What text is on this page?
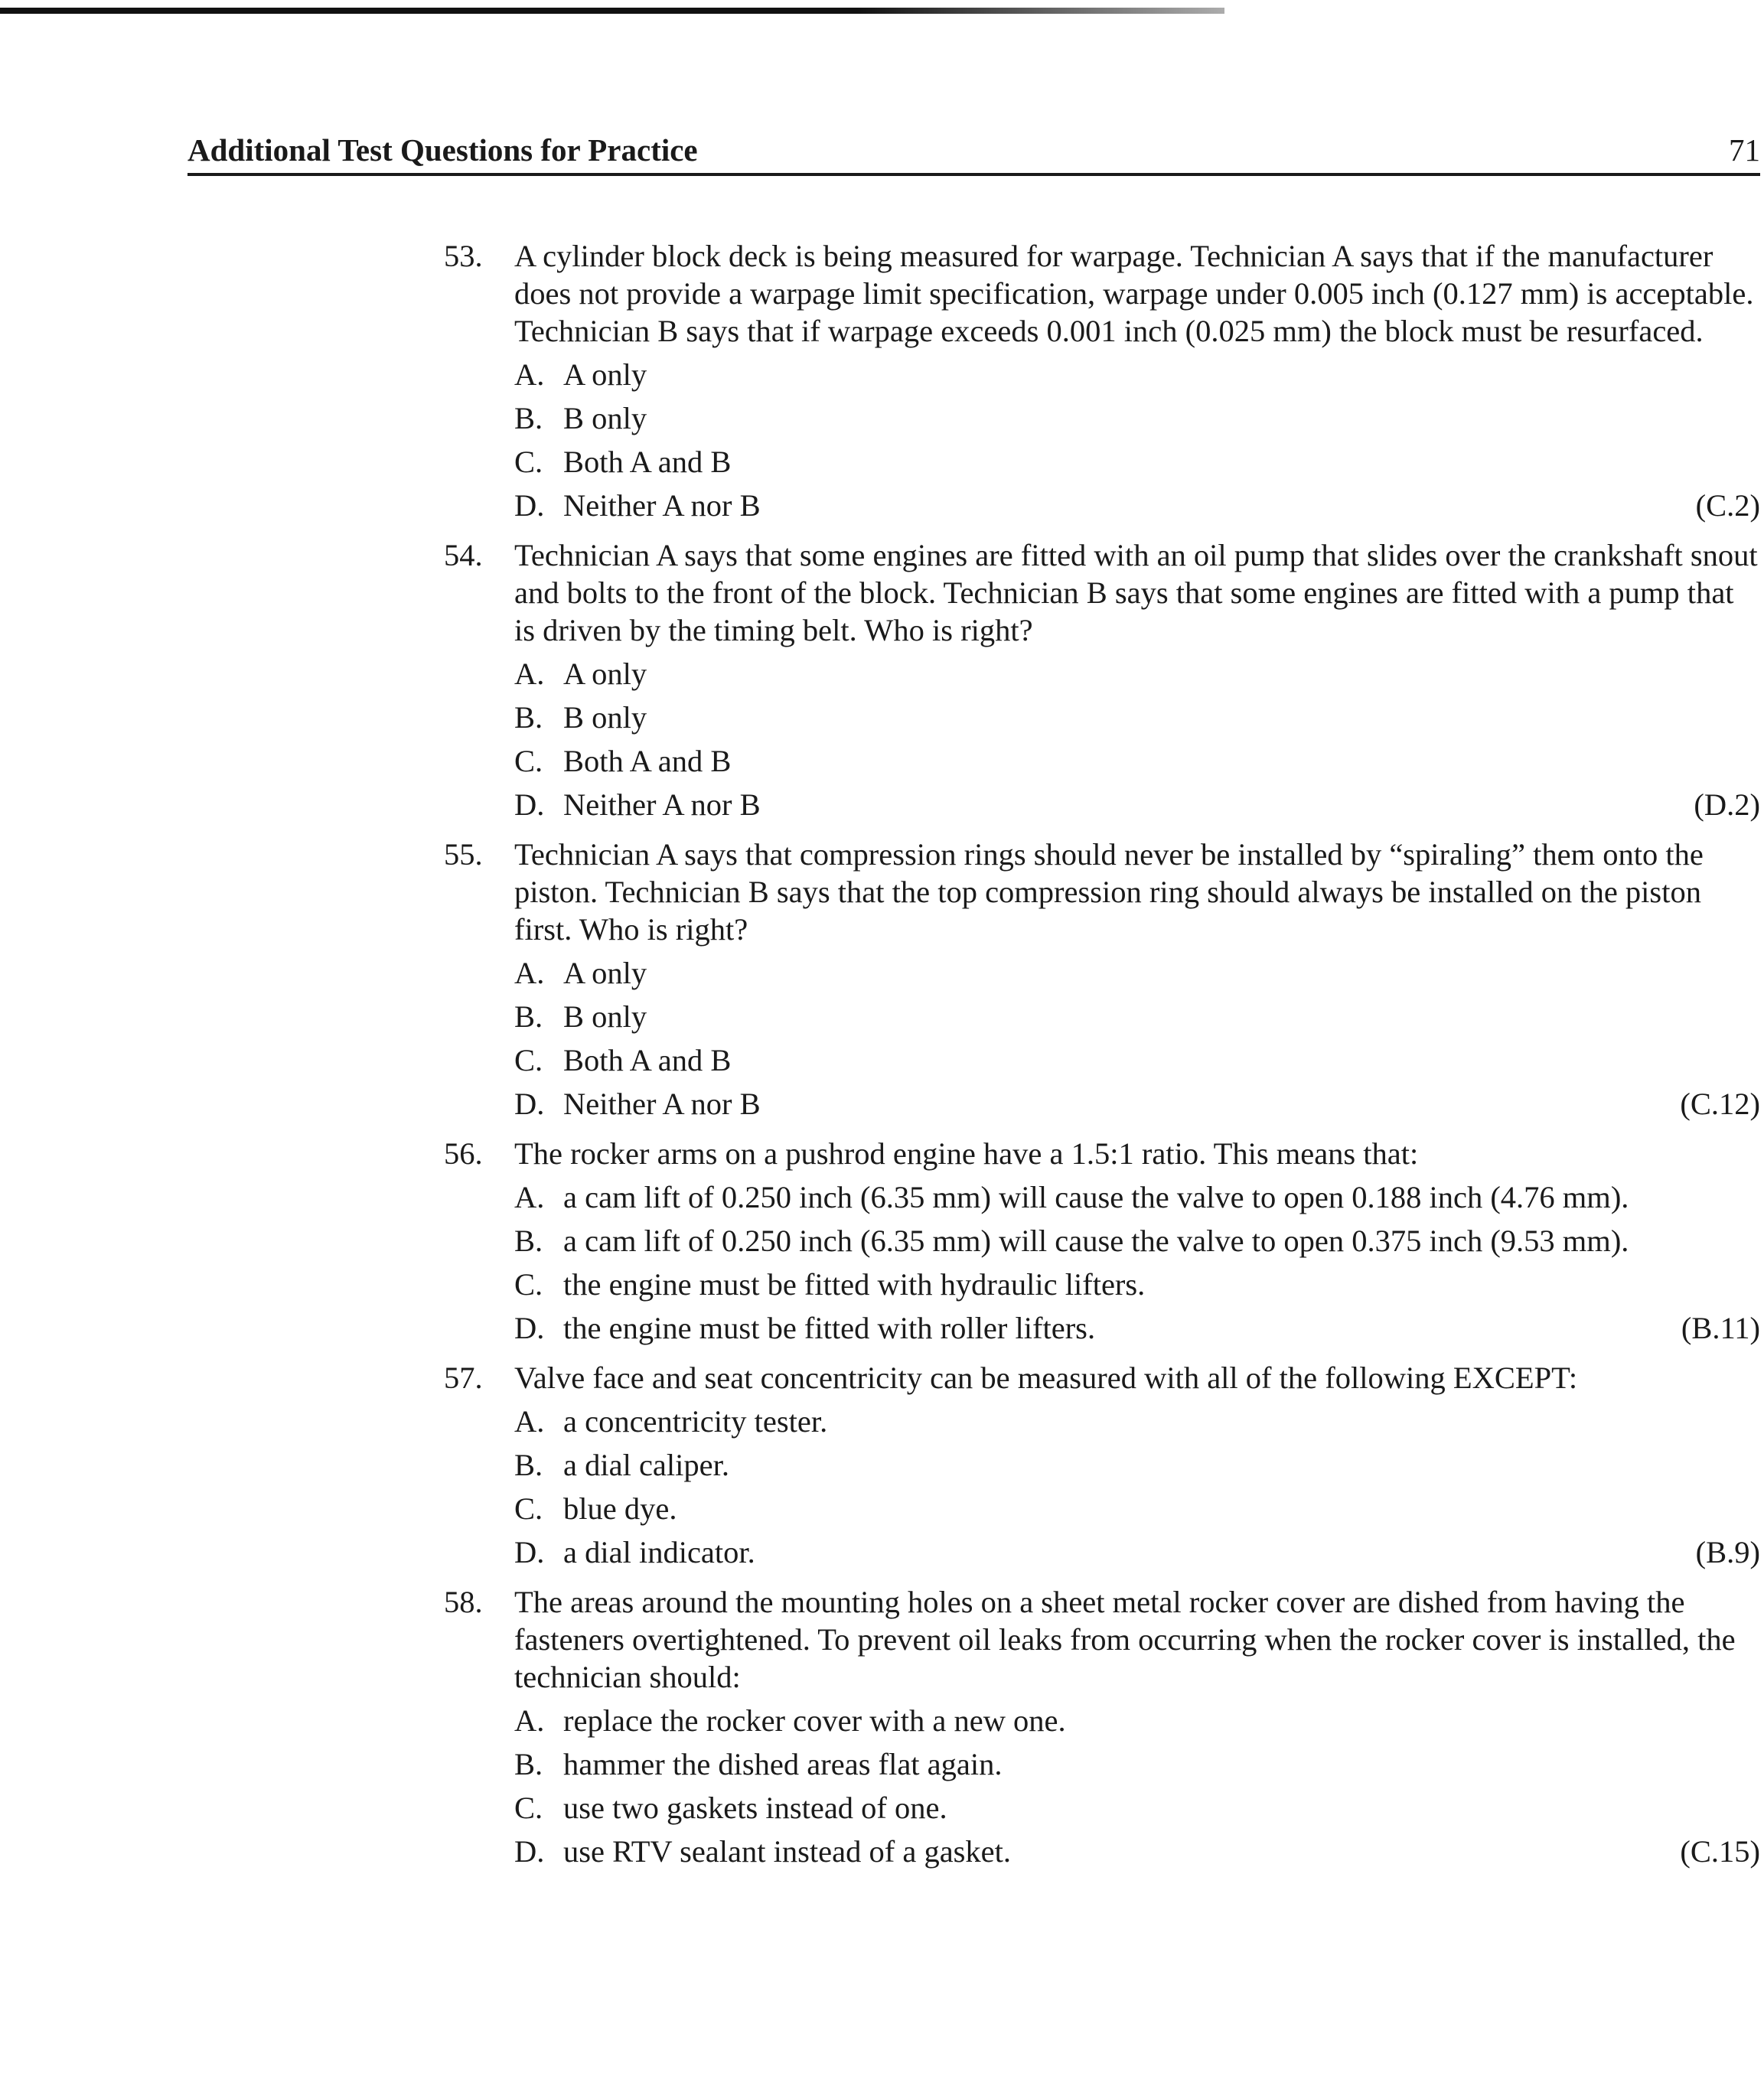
Additional Test Questions for Practice	71
53.	A cylinder block deck is being measured for warpage. Technician A says that if the manufacturer does not provide a warpage limit specification, warpage under 0.005 inch (0.127 mm) is acceptable. Technician B says that if warpage exceeds 0.001 inch (0.025 mm) the block must be resurfaced.
A. A only
B. B only
C. Both A and B
D. Neither A nor B	(C.2)
54.	Technician A says that some engines are fitted with an oil pump that slides over the crankshaft snout and bolts to the front of the block. Technician B says that some engines are fitted with a pump that is driven by the timing belt. Who is right?
A. A only
B. B only
C. Both A and B
D. Neither A nor B	(D.2)
55.	Technician A says that compression rings should never be installed by “spiraling” them onto the piston. Technician B says that the top compression ring should always be installed on the piston first. Who is right?
A. A only
B. B only
C. Both A and B
D. Neither A nor B	(C.12)
56.	The rocker arms on a pushrod engine have a 1.5:1 ratio. This means that:
A. a cam lift of 0.250 inch (6.35 mm) will cause the valve to open 0.188 inch (4.76 mm).
B. a cam lift of 0.250 inch (6.35 mm) will cause the valve to open 0.375 inch (9.53 mm).
C. the engine must be fitted with hydraulic lifters.
D. the engine must be fitted with roller lifters.	(B.11)
57.	Valve face and seat concentricity can be measured with all of the following EXCEPT:
A. a concentricity tester.
B. a dial caliper.
C. blue dye.
D. a dial indicator.	(B.9)
58.	The areas around the mounting holes on a sheet metal rocker cover are dished from having the fasteners overtightened. To prevent oil leaks from occurring when the rocker cover is installed, the technician should:
A. replace the rocker cover with a new one.
B. hammer the dished areas flat again.
C. use two gaskets instead of one.
D. use RTV sealant instead of a gasket.	(C.15)
